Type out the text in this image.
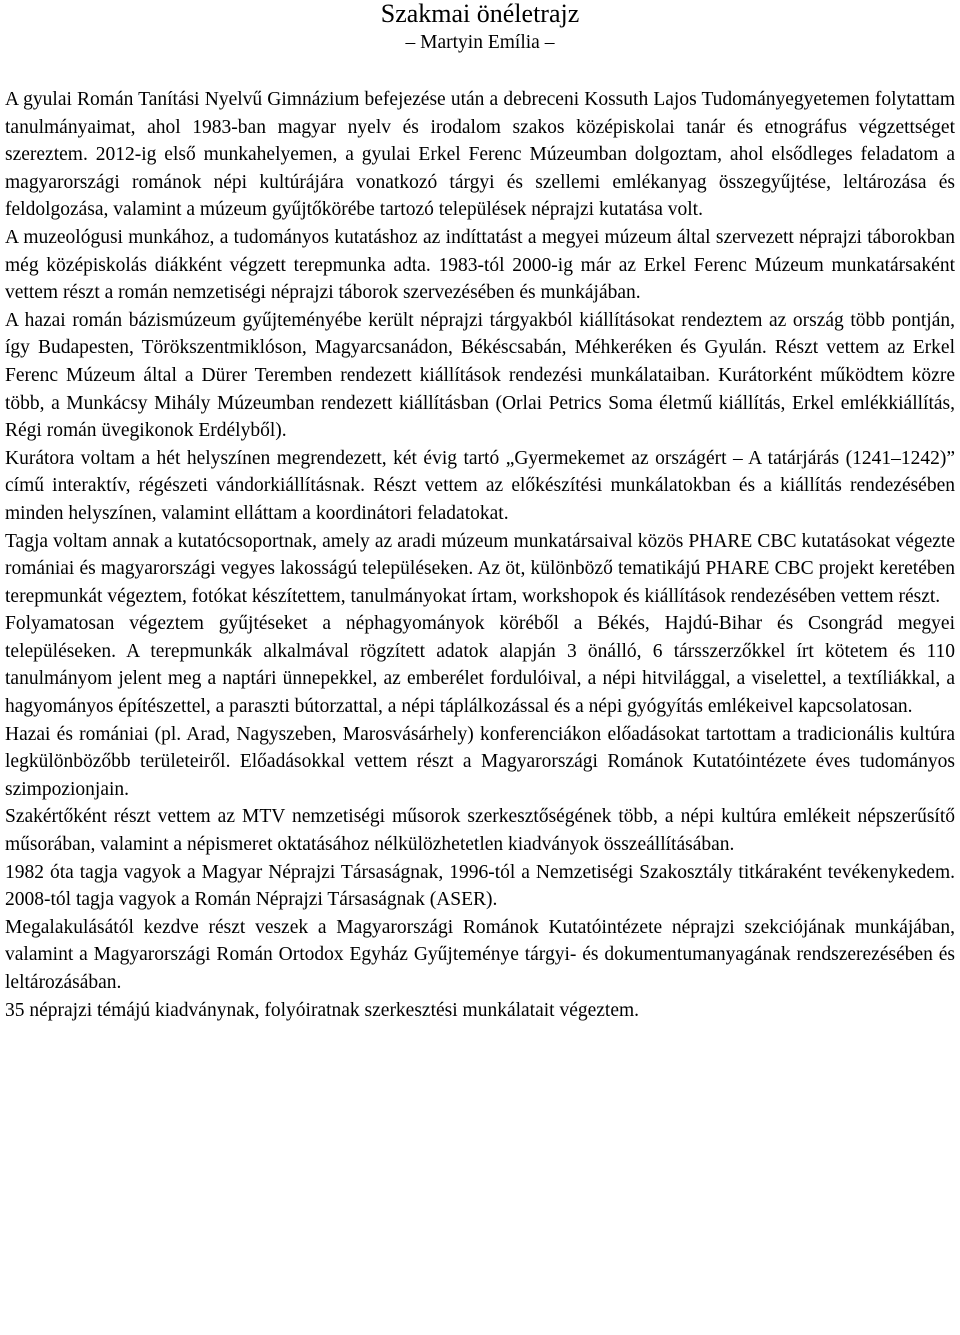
Szakmai önéletrajz
– Martyin Emília –

A gyulai Román Tanítási Nyelvű Gimnázium befejezése után a debreceni Kossuth Lajos Tudományegyetemen folytattam tanulmányaimat, ahol 1983-ban magyar nyelv és irodalom szakos középiskolai tanár és etnográfus végzettséget szereztem. 2012-ig első munkahelyemen, a gyulai Erkel Ferenc Múzeumban dolgoztam, ahol elsődleges feladatom a magyarországi románok népi kultúrájára vonatkozó tárgyi és szellemi emlékanyag összegyűjtése, leltározása és feldolgozása, valamint a múzeum gyűjtőkörébe tartozó települések néprajzi kutatása volt.

A muzeológusi munkához, a tudományos kutatáshoz az indíttatást a megyei múzeum által szervezett néprajzi táborokban még középiskolás diákként végzett terepmunka adta. 1983-tól 2000-ig már az Erkel Ferenc Múzeum munkatársaként vettem részt a román nemzetiségi néprajzi táborok szervezésében és munkájában.

A hazai román bázismúzeum gyűjteményébe került néprajzi tárgyakból kiállításokat rendeztem az ország több pontján, így Budapesten, Törökszentmiklóson, Magyarcsanádon, Békéscsabán, Méhkeréken és Gyulán. Részt vettem az Erkel Ferenc Múzeum által a Dürer Teremben rendezett kiállítások rendezési munkálataiban. Kurátorként működtem közre több, a Munkácsy Mihály Múzeumban rendezett kiállításban (Orlai Petrics Soma életmű kiállítás, Erkel emlékkiállítás, Régi román üvegikonok Erdélyből).

Kurátora voltam a hét helyszínen megrendezett, két évig tartó „Gyermekemet az országért – A tatárjárás (1241–1242)” című interaktív, régészeti vándorkiállításnak. Részt vettem az előkészítési munkálatokban és a kiállítás rendezésében minden helyszínen, valamint elláttam a koordinátori feladatokat.

Tagja voltam annak a kutatócsoportnak, amely az aradi múzeum munkatársaival közös PHARE CBC kutatásokat végezte romániai és magyarországi vegyes lakosságú településeken. Az öt, különböző tematikájú PHARE CBC projekt keretében terepmunkát végeztem, fotókat készítettem, tanulmányokat írtam, workshopok és kiállítások rendezésében vettem részt.

Folyamatosan végeztem gyűjtéseket a néphagyományok köréből a Békés, Hajdú-Bihar és Csongrád megyei településeken. A terepmunkák alkalmával rögzített adatok alapján 3 önálló, 6 társszerzőkkel írt kötetem és 110 tanulmányom jelent meg a naptári ünnepekkel, az emberélet fordulóival, a népi hitvilággal, a viselettel, a textíliákkal, a hagyományos építészettel, a paraszti bútorzattal, a népi táplálkozással és a népi gyógyítás emlékeivel kapcsolatosan.

Hazai és romániai (pl. Arad, Nagyszeben, Marosvásárhely) konferenciákon előadásokat tartottam a tradicionális kultúra legkülönbözőbb területeiről. Előadásokkal vettem részt a Magyarországi Románok Kutatóintézete éves tudományos szimpozionjain.

Szakértőként részt vettem az MTV nemzetiségi műsorok szerkesztőségének több, a népi kultúra emlékeit népszerűsítő műsorában, valamint a népismeret oktatásához nélkülözhetetlen kiadványok összeállításában.

1982 óta tagja vagyok a Magyar Néprajzi Társaságnak, 1996-tól a Nemzetiségi Szakosztály titkáraként tevékenykedem. 2008-tól tagja vagyok a Román Néprajzi Társaságnak (ASER).

Megalakulásától kezdve részt veszek a Magyarországi Románok Kutatóintézete néprajzi szekciójának munkájában, valamint a Magyarországi Román Ortodox Egyház Gyűjteménye tárgyi- és dokumentumanyagának rendszerezésében és leltározásában.

35 néprajzi témájú kiadványnak, folyóiratnak szerkesztési munkálatait végeztem.
